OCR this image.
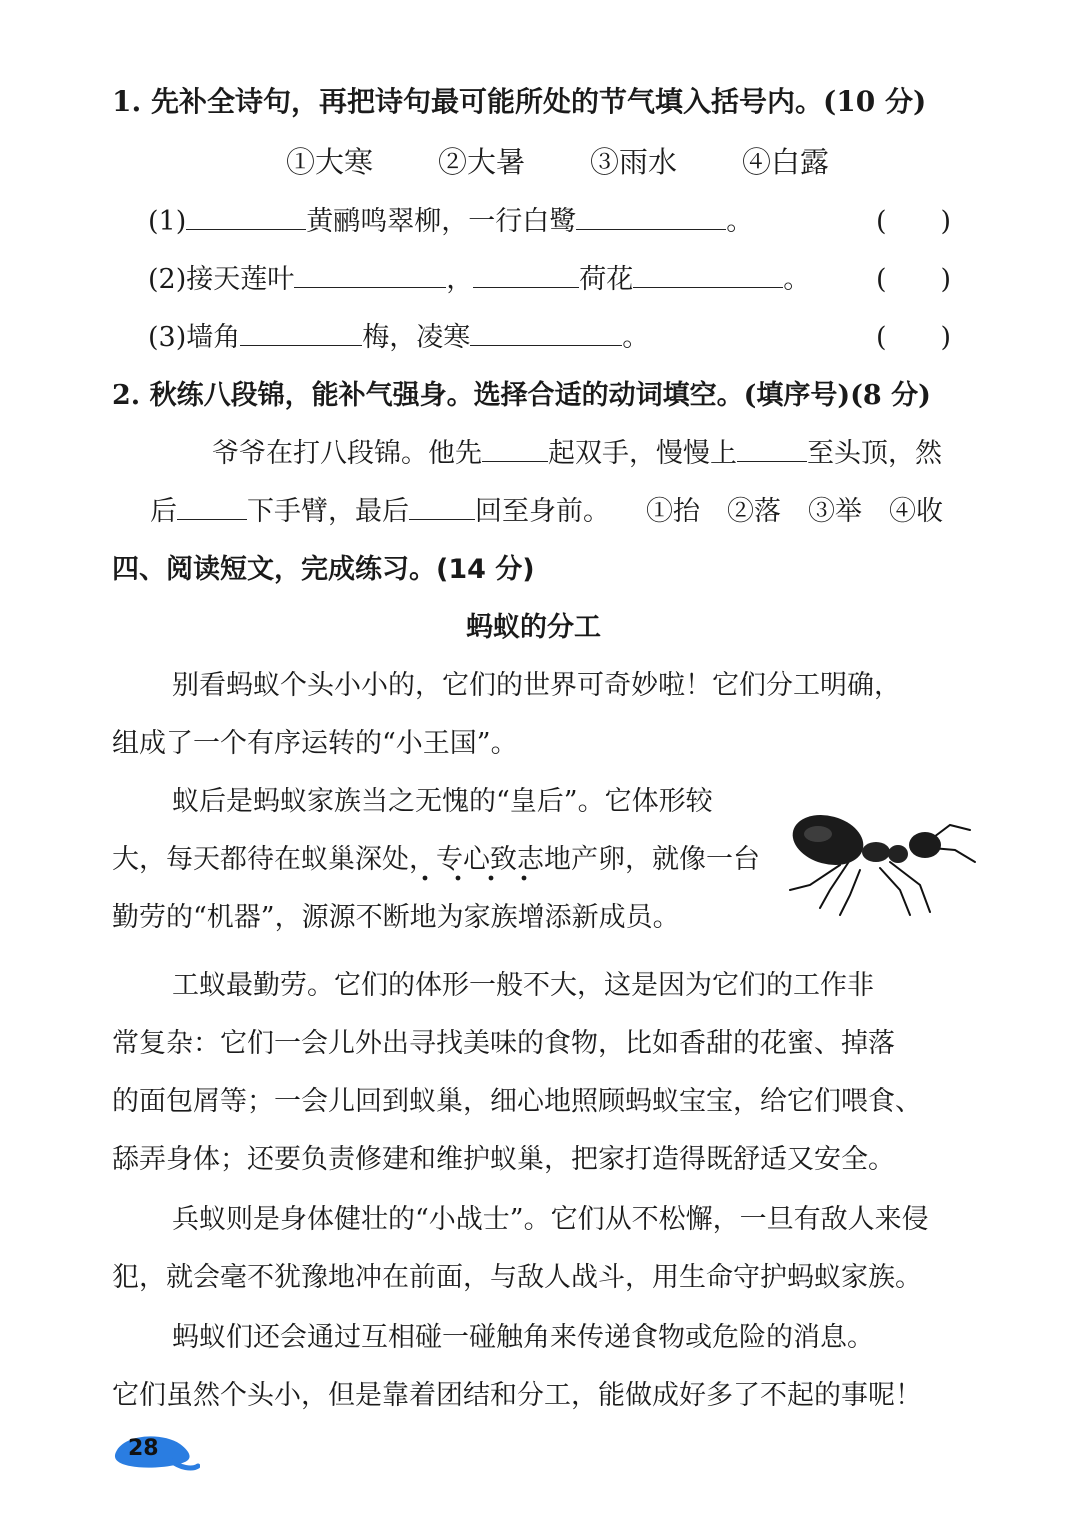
1. 先补全诗句，再把诗句最可能所处的节气填入括号内。(10 分)
①大寒 ②大暑 ③雨水 ④白露
(1)	黄鹂鸣翠柳，一行白鹭	。	(　　)
(2)接天莲叶	，	荷花	。 (　　)
(3)墙角	梅，凌寒	。	(　　)
2. 秋练八段锦，能补气强身。选择合适的动词填空。(填序号)(8 分)
爷爷在打八段锦。他先 起双手，慢慢上	至头顶，然
后	下手臂，最后 回至身前。 ①抬　②落　③举　④收
四、阅读短文，完成练习。(14 分)
蚂蚁的分工
别看蚂蚁个头小小的，它们的世界可奇妙啦！它们分工明确，
组成了一个有序运转的“小王国”。
蚁后是蚂蚁家族当之无愧的“皇后”。它体形较
大，每天都待在蚁巢深处，专心致志地产卵，就像一台
勤劳的“机器”，源源不断地为家族增添新成员。
工蚁最勤劳。它们的体形一般不大，这是因为它们的工作非
常复杂：它们一会儿外出寻找美味的食物，比如香甜的花蜜、掉落
的面包屑等；一会儿回到蚁巢，细心地照顾蚂蚁宝宝，给它们喂食、
舔弄身体；还要负责修建和维护蚁巢，把家打造得既舒适又安全。
兵蚁则是身体健壮的“小战士”。它们从不松懈，一旦有敌人来侵
犯，就会毫不犹豫地冲在前面，与敌人战斗，用生命守护蚂蚁家族。
蚂蚁们还会通过互相碰一碰触角来传递食物或危险的消息。
它们虽然个头小，但是靠着团结和分工，能做成好多了不起的事呢！
28
